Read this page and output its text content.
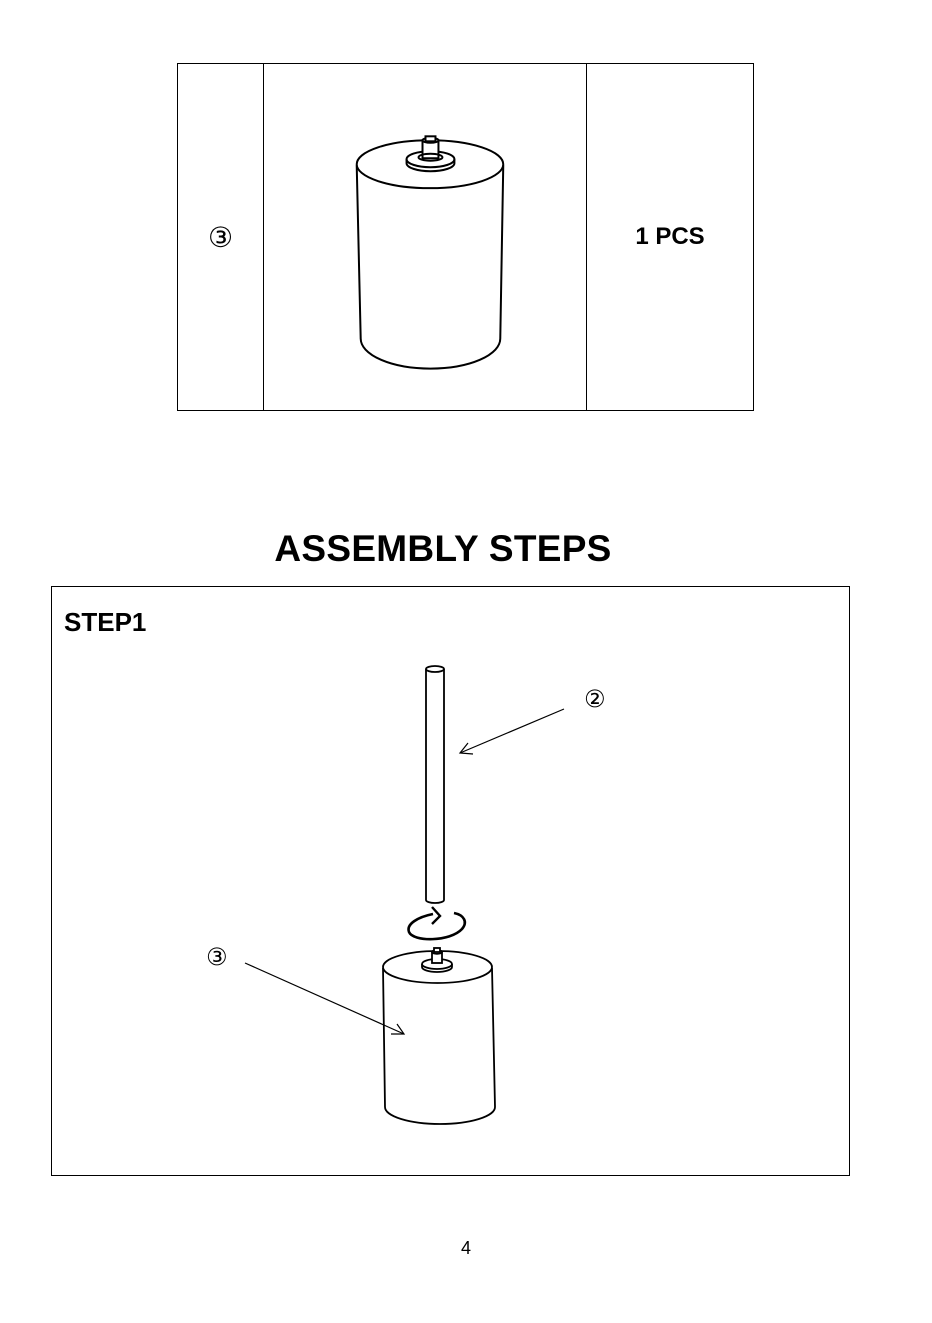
③	1 PCS
ASSEMBLY STEPS
STEP1
②
③
4
